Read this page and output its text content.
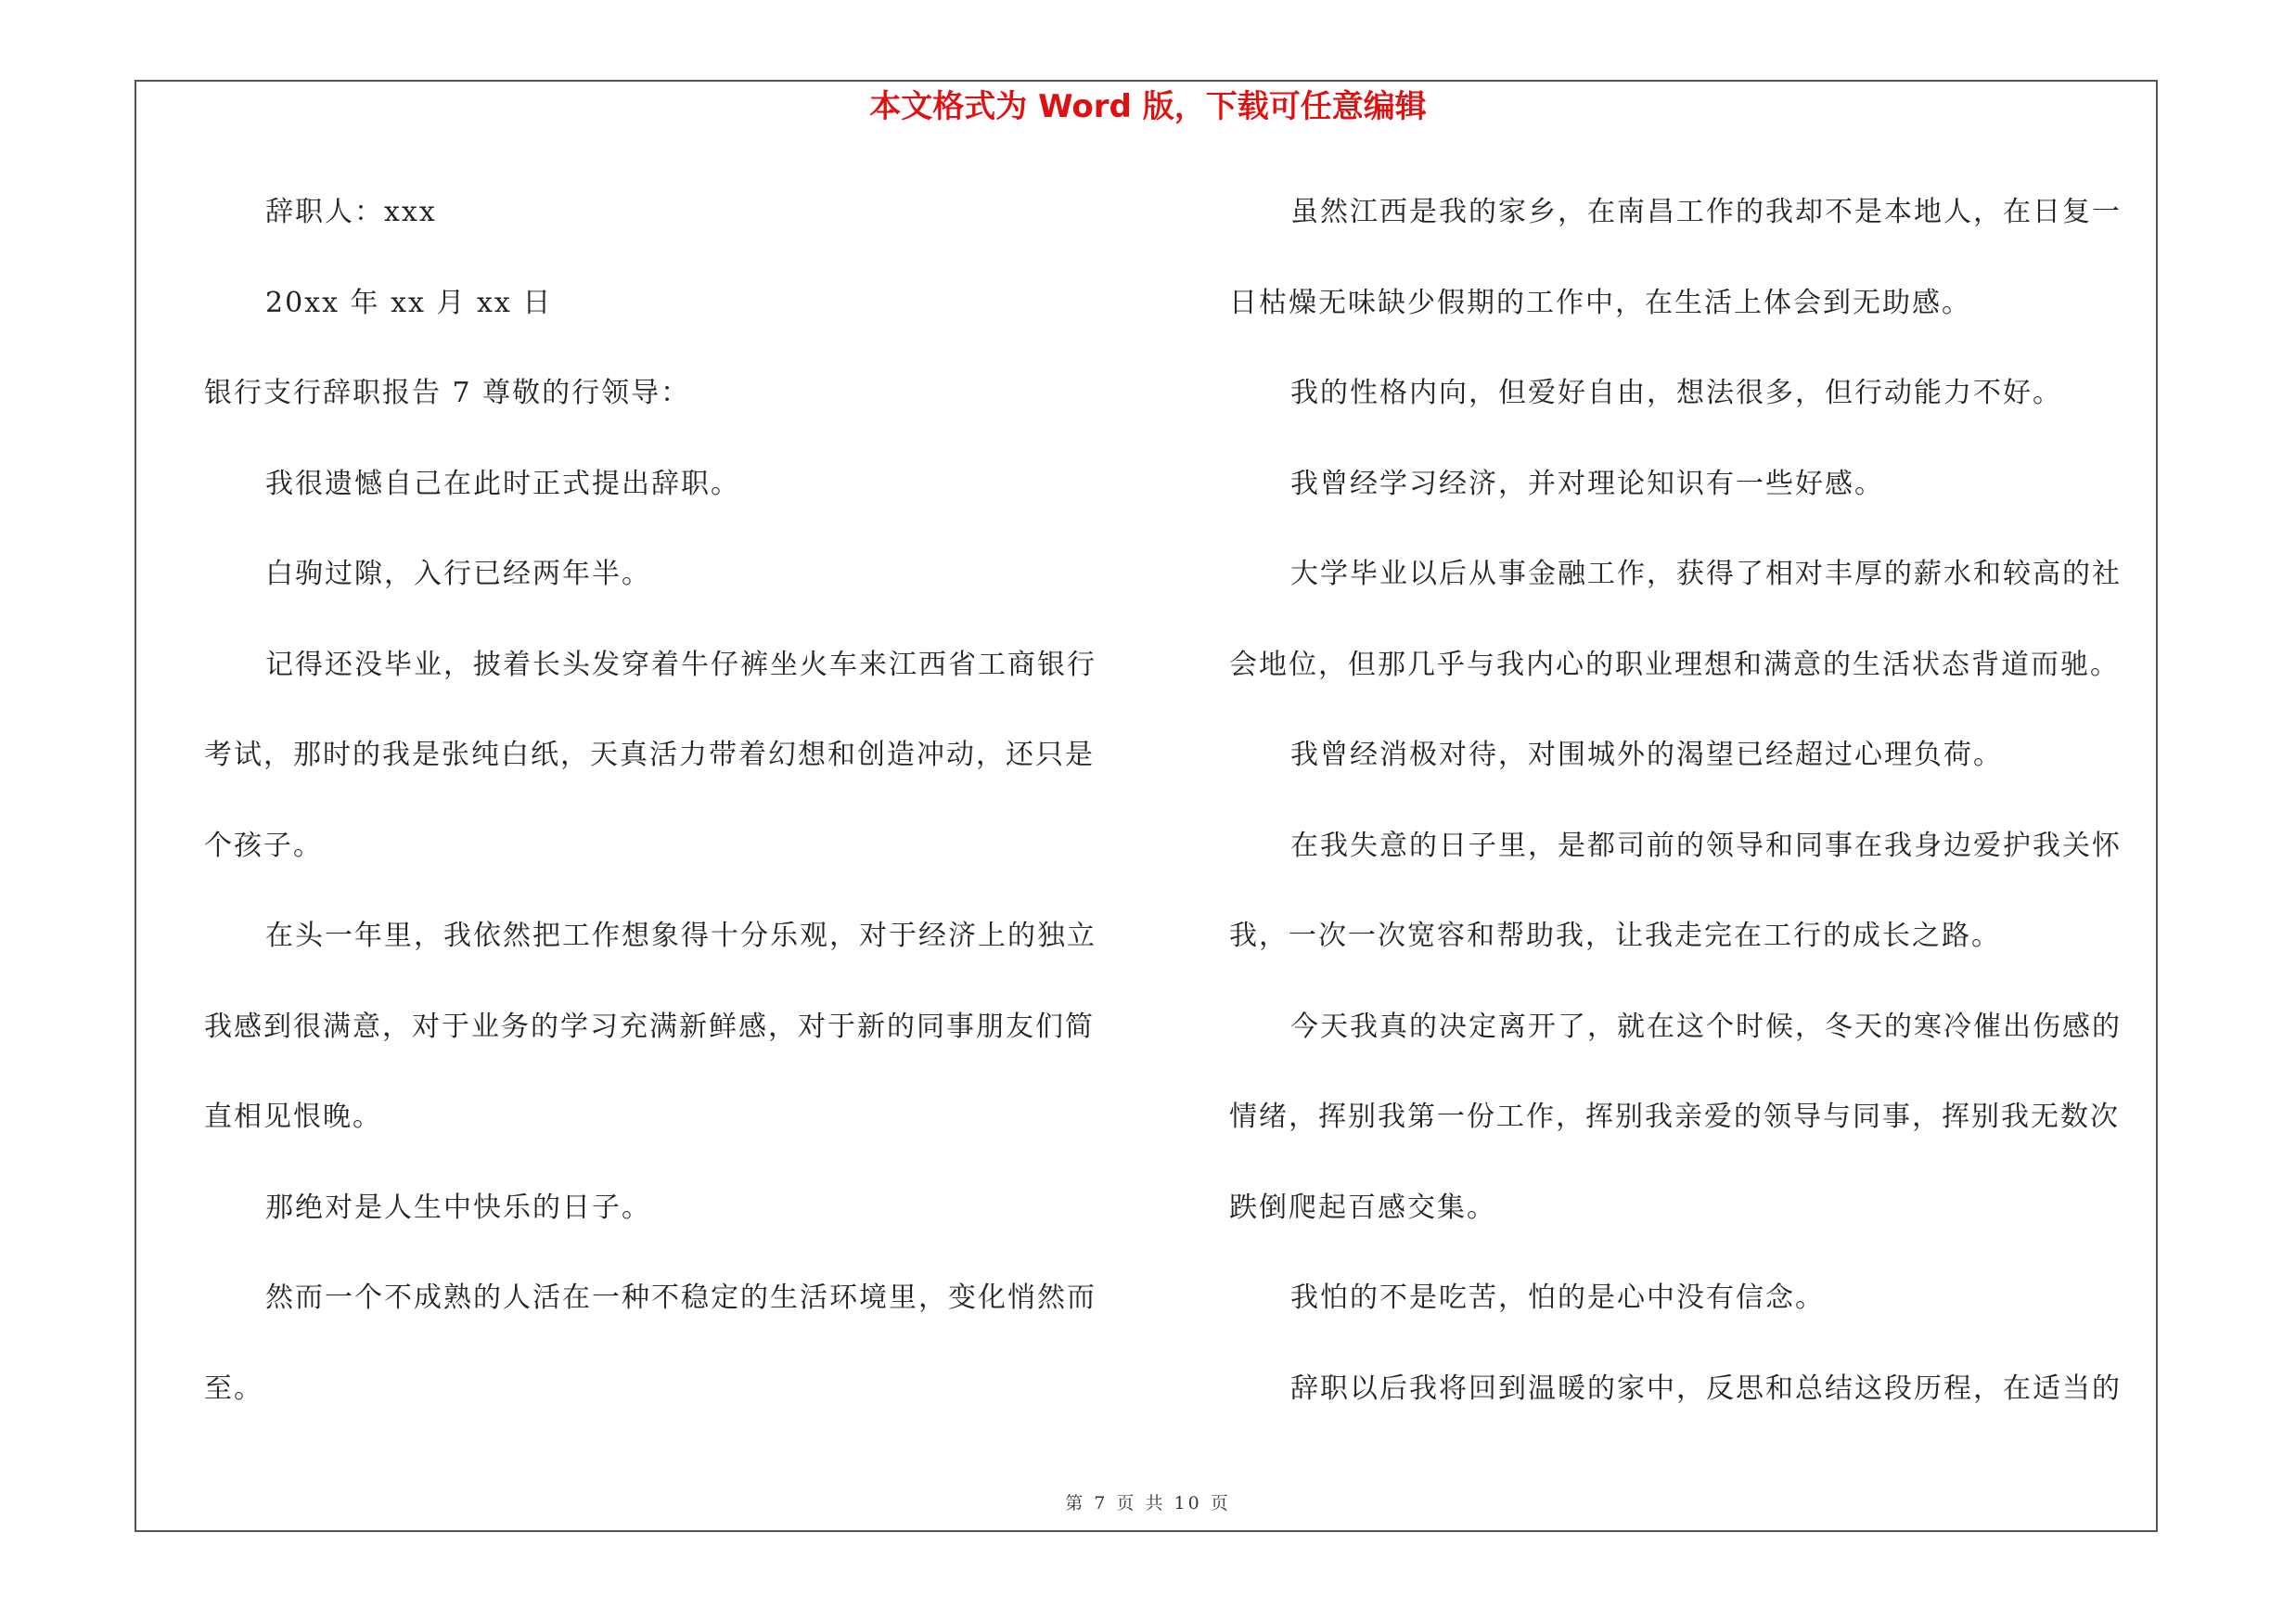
本文格式为 Word 版，下载可任意编辑
辞职人：xxx
20xx 年 xx 月 xx 日
银行支行辞职报告 7 尊敬的行领导：
我很遗憾自己在此时正式提出辞职。
白驹过隙，入行已经两年半。
记得还没毕业，披着长头发穿着牛仔裤坐火车来江西省工商银行
考试，那时的我是张纯白纸，天真活力带着幻想和创造冲动，还只是
个孩子。
在头一年里，我依然把工作想象得十分乐观，对于经济上的独立
我感到很满意，对于业务的学习充满新鲜感，对于新的同事朋友们简
直相见恨晚。
那绝对是人生中快乐的日子。
然而一个不成熟的人活在一种不稳定的生活环境里，变化悄然而
至。
虽然江西是我的家乡，在南昌工作的我却不是本地人，在日复一
日枯燥无味缺少假期的工作中，在生活上体会到无助感。
我的性格内向，但爱好自由，想法很多，但行动能力不好。
我曾经学习经济，并对理论知识有一些好感。
大学毕业以后从事金融工作，获得了相对丰厚的薪水和较高的社
会地位，但那几乎与我内心的职业理想和满意的生活状态背道而驰。
我曾经消极对待，对围城外的渴望已经超过心理负荷。
在我失意的日子里，是都司前的领导和同事在我身边爱护我关怀
我，一次一次宽容和帮助我，让我走完在工行的成长之路。
今天我真的决定离开了，就在这个时候，冬天的寒冷催出伤感的
情绪，挥别我第一份工作，挥别我亲爱的领导与同事，挥别我无数次
跌倒爬起百感交集。
我怕的不是吃苦，怕的是心中没有信念。
辞职以后我将回到温暖的家中，反思和总结这段历程，在适当的
第 7 页 共 10 页
